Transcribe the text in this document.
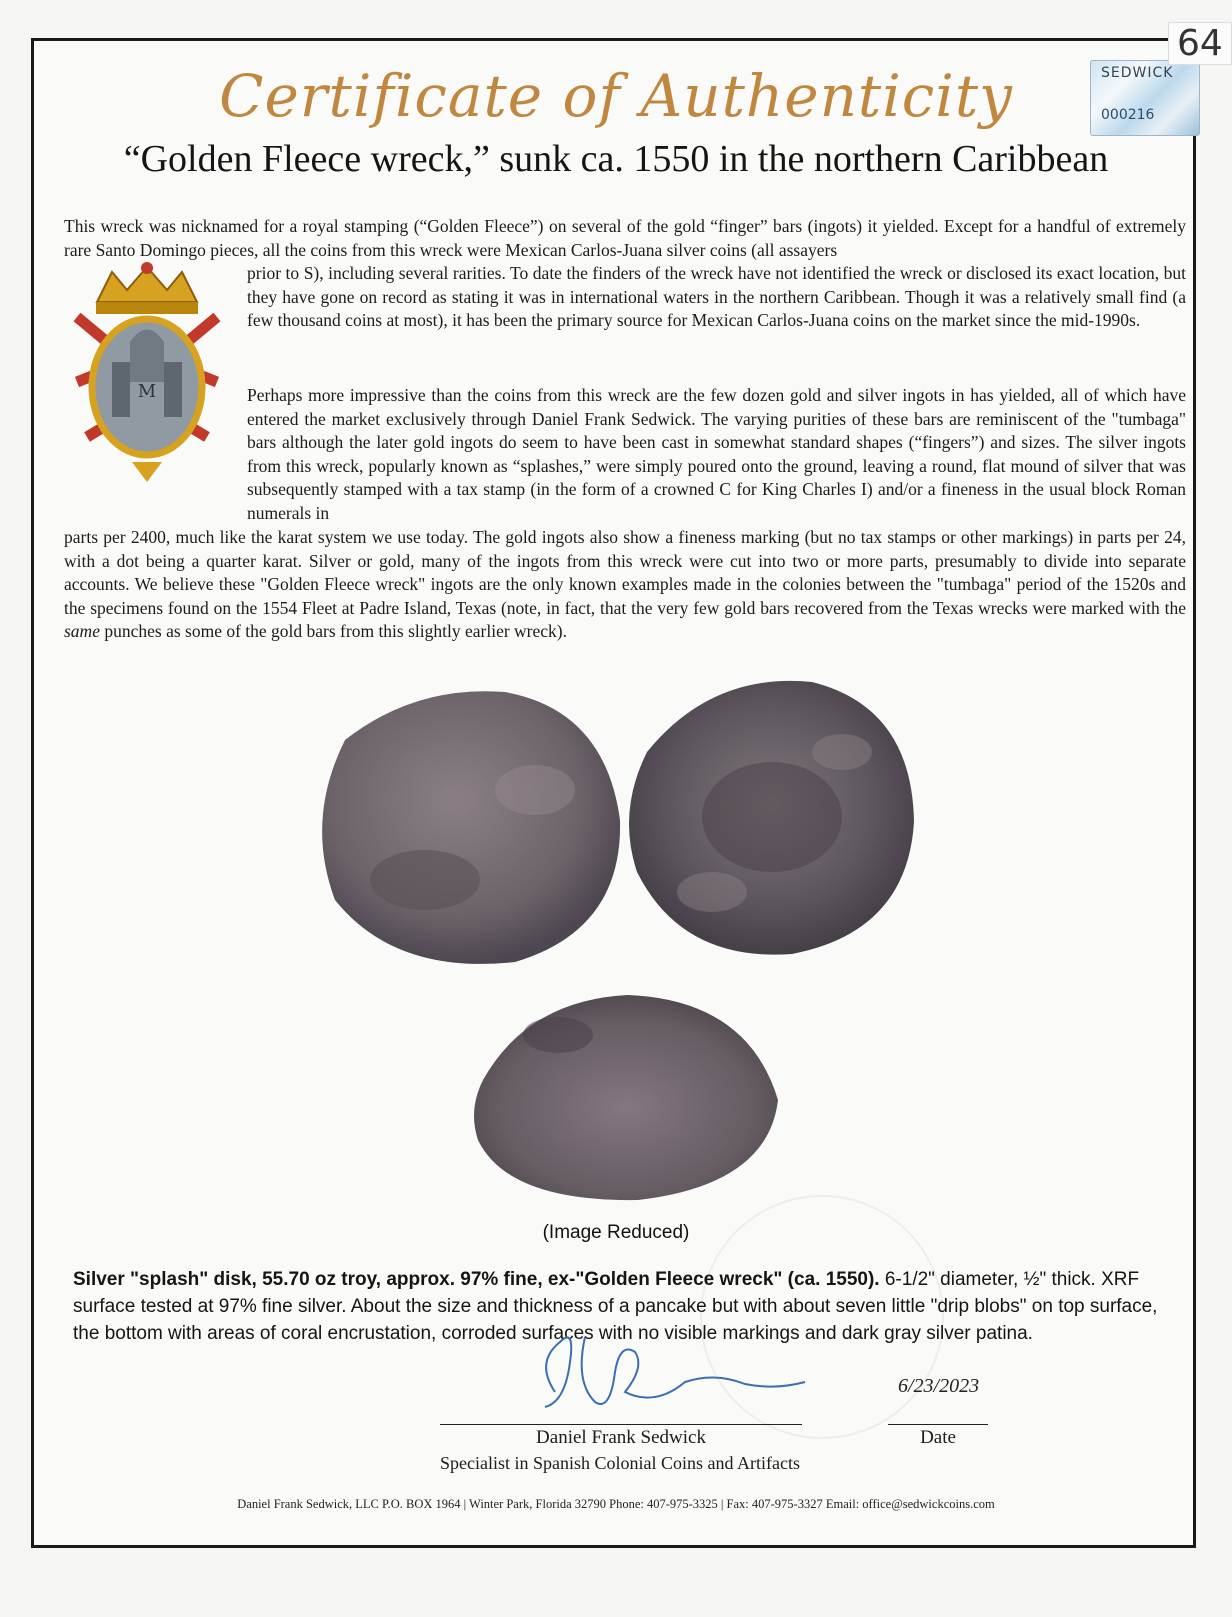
SEDWICK
000216
64
Certificate of Authenticity
“Golden Fleece wreck,” sunk ca. 1550 in the northern Caribbean

This wreck was nicknamed for a royal stamping (“Golden Fleece”) on several of the gold “finger” bars (ingots) it yielded. Except for a handful of extremely rare Santo Domingo pieces, all the coins from this wreck were Mexican Carlos-Juana silver coins (all assayers

prior to S), including several rarities. To date the finders of the wreck have not identified the wreck or disclosed its exact location, but they have gone on record as stating it was in international waters in the northern Caribbean. Though it was a relatively small find (a few thousand coins at most), it has been the primary source for Mexican Carlos-Juana coins on the market since the mid-1990s.

M	Perhaps more impressive than the coins from this wreck are the few dozen gold and silver ingots in has yielded, all of which have entered the market exclusively through Daniel Frank Sedwick. The varying purities of these bars are reminiscent of the "tumbaga" bars although the later gold ingots do seem to have been cast in somewhat standard shapes (“fingers”) and sizes. The silver ingots from this wreck, popularly known as “splashes,” were simply poured onto the ground, leaving a round, flat mound of silver that was subsequently stamped with a tax stamp (in the form of a crowned C for King Charles I) and/or a fineness in the usual block Roman numerals in

parts per 2400, much like the karat system we use today. The gold ingots also show a fineness marking (but no tax stamps or other markings) in parts per 24, with a dot being a quarter karat. Silver or gold, many of the ingots from this wreck were cut into two or more parts, presumably to divide into separate accounts. We believe these "Golden Fleece wreck" ingots are the only known examples made in the colonies between the "tumbaga" period of the 1520s and the specimens found on the 1554 Fleet at Padre Island, Texas (note, in fact, that the very few gold bars recovered from the Texas wrecks were marked with the same punches as some of the gold bars from this slightly earlier wreck).

(Image Reduced)

Silver "splash" disk, 55.70 oz troy, approx. 97% fine, ex-"Golden Fleece wreck" (ca. 1550). 6-1/2" diameter, ½" thick. XRF surface tested at 97% fine silver. About the size and thickness of a pancake but with about seven little "drip blobs" on top surface, the bottom with areas of coral encrustation, corroded surfaces with no visible markings and dark gray silver patina.

6/23/2023
Daniel Frank Sedwick	Date
Specialist in Spanish Colonial Coins and Artifacts
Daniel Frank Sedwick, LLC P.O. BOX 1964 | Winter Park, Florida 32790 Phone: 407-975-3325 | Fax: 407-975-3327 Email: office@sedwickcoins.com
